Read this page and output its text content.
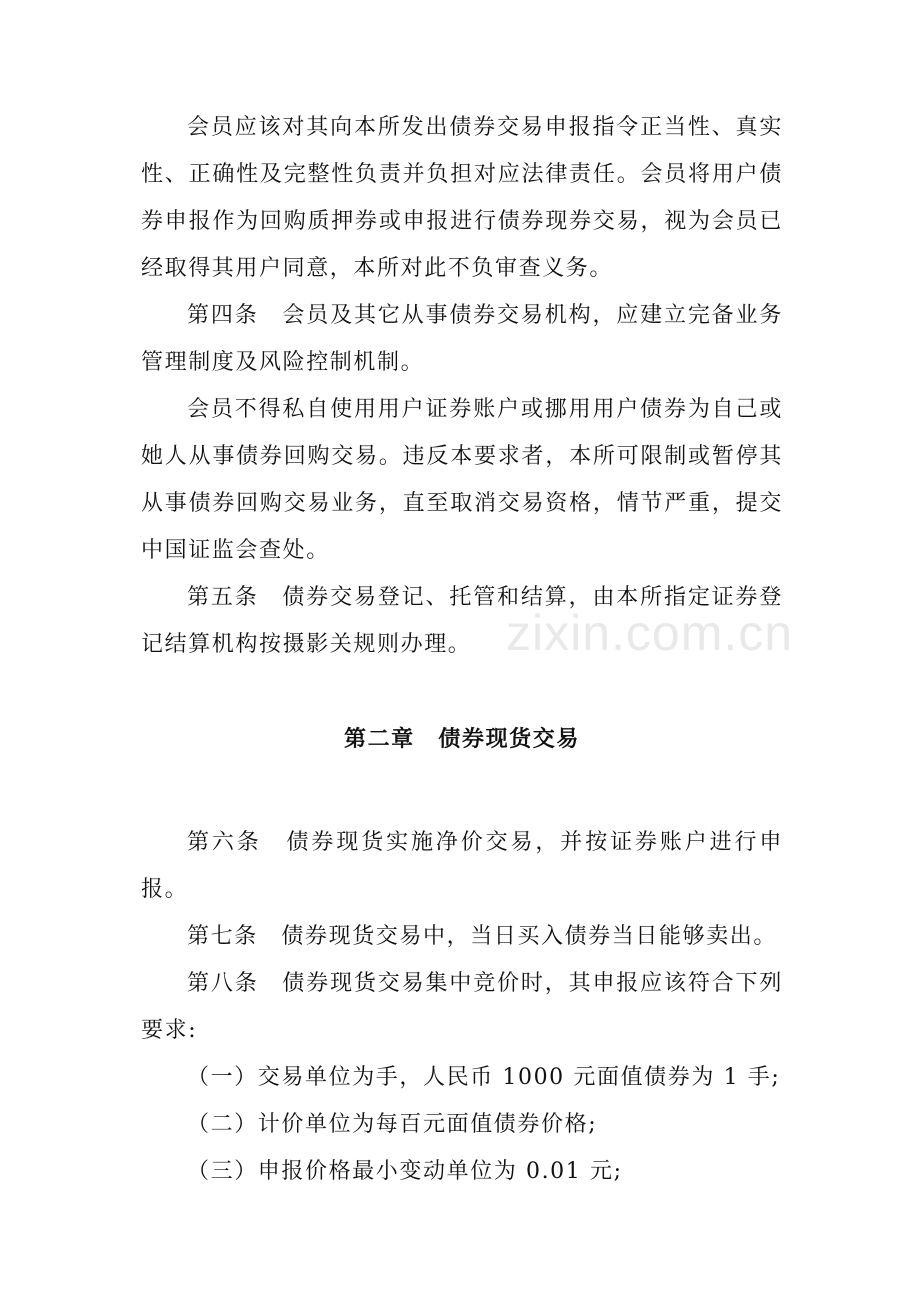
会员应该对其向本所发出债券交易申报指令正当性、真实性、正确性及完整性负责并负担对应法律责任。会员将用户债券申报作为回购质押券或申报进行债券现券交易，视为会员已经取得其用户同意，本所对此不负审查义务。

第四条　会员及其它从事债券交易机构，应建立完备业务管理制度及风险控制机制。

会员不得私自使用用户证券账户或挪用用户债券为自己或她人从事债券回购交易。违反本要求者，本所可限制或暂停其从事债券回购交易业务，直至取消交易资格，情节严重，提交中国证监会查处。

第五条　债券交易登记、托管和结算，由本所指定证券登记结算机构按摄影关规则办理。

第二章　债券现货交易

第六条　债券现货实施净价交易，并按证券账户进行申报。

第七条　债券现货交易中，当日买入债券当日能够卖出。

第八条　债券现货交易集中竞价时，其申报应该符合下列要求:

（一）交易单位为手，人民币 1000 元面值债券为 1 手;

（二）计价单位为每百元面值债券价格;

（三）申报价格最小变动单位为 0.01 元;

zixin.com.cn
